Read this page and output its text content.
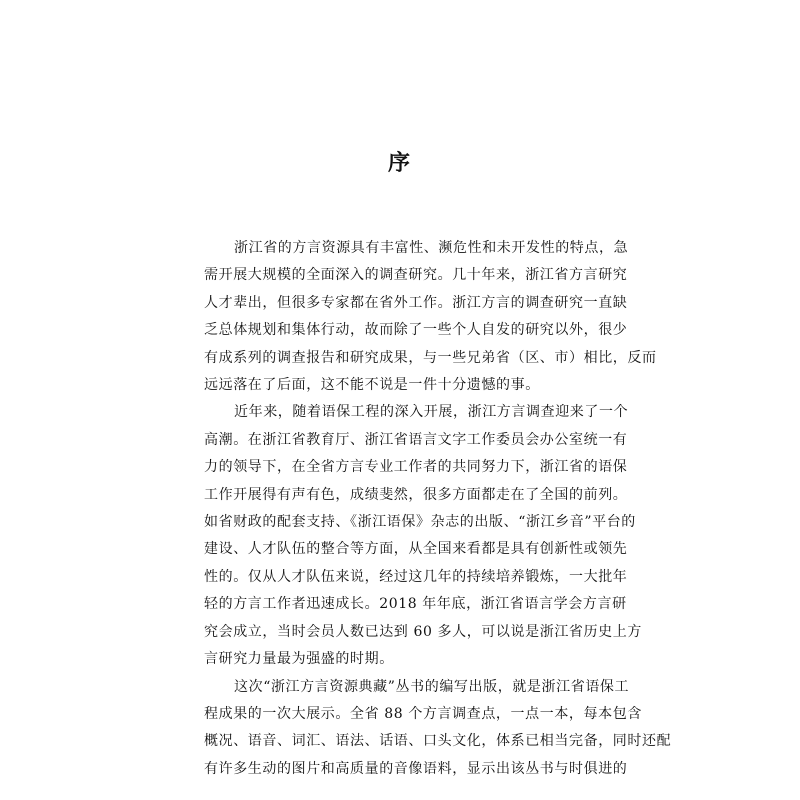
序

浙江省的方言资源具有丰富性、濒危性和未开发性的特点，急
需开展大规模的全面深入的调查研究。几十年来，浙江省方言研究
人才辈出，但很多专家都在省外工作。浙江方言的调查研究一直缺
乏总体规划和集体行动，故而除了一些个人自发的研究以外，很少
有成系列的调查报告和研究成果，与一些兄弟省（区、市）相比，反而
远远落在了后面，这不能不说是一件十分遗憾的事。

近年来，随着语保工程的深入开展，浙江方言调查迎来了一个
高潮。在浙江省教育厅、浙江省语言文字工作委员会办公室统一有
力的领导下，在全省方言专业工作者的共同努力下，浙江省的语保
工作开展得有声有色，成绩斐然，很多方面都走在了全国的前列。
如省财政的配套支持、《浙江语保》杂志的出版、“浙江乡音”平台的
建设、人才队伍的整合等方面，从全国来看都是具有创新性或领先
性的。仅从人才队伍来说，经过这几年的持续培养锻炼，一大批年
轻的方言工作者迅速成长。2018 年年底，浙江省语言学会方言研
究会成立，当时会员人数已达到 60 多人，可以说是浙江省历史上方
言研究力量最为强盛的时期。

这次“浙江方言资源典藏”丛书的编写出版，就是浙江省语保工
程成果的一次大展示。全省 88 个方言调查点，一点一本，每本包含
概况、语音、词汇、语法、话语、口头文化，体系已相当完备，同时还配
有许多生动的图片和高质量的音像语料，显示出该丛书与时俱进的
